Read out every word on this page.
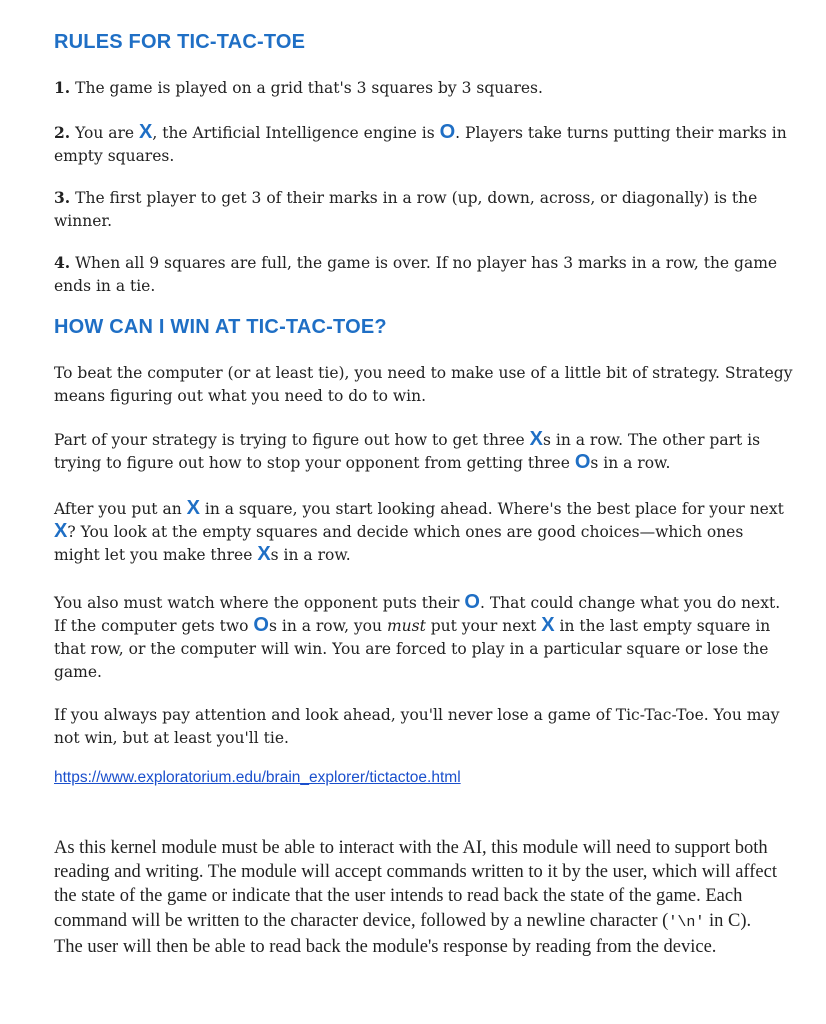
RULES FOR TIC-TAC-TOE

1. The game is played on a grid that's 3 squares by 3 squares.

2. You are X, the Artificial Intelligence engine is O. Players take turns putting their marks in empty squares.

3. The first player to get 3 of their marks in a row (up, down, across, or diagonally) is the winner.

4. When all 9 squares are full, the game is over. If no player has 3 marks in a row, the game ends in a tie.

HOW CAN I WIN AT TIC-TAC-TOE?

To beat the computer (or at least tie), you need to make use of a little bit of strategy. Strategy means figuring out what you need to do to win.

Part of your strategy is trying to figure out how to get three Xs in a row. The other part is trying to figure out how to stop your opponent from getting three Os in a row.

After you put an X in a square, you start looking ahead. Where's the best place for your next X? You look at the empty squares and decide which ones are good choices—which ones might let you make three Xs in a row.

You also must watch where the opponent puts their O. That could change what you do next. If the computer gets two Os in a row, you must put your next X in the last empty square in that row, or the computer will win. You are forced to play in a particular square or lose the game.

If you always pay attention and look ahead, you'll never lose a game of Tic-Tac-Toe. You may not win, but at least you'll tie.

https://www.exploratorium.edu/brain_explorer/tictactoe.html

As this kernel module must be able to interact with the AI, this module will need to support both reading and writing. The module will accept commands written to it by the user, which will affect the state of the game or indicate that the user intends to read back the state of the game. Each command will be written to the character device, followed by a newline character ('\n' in C). The user will then be able to read back the module's response by reading from the device.
